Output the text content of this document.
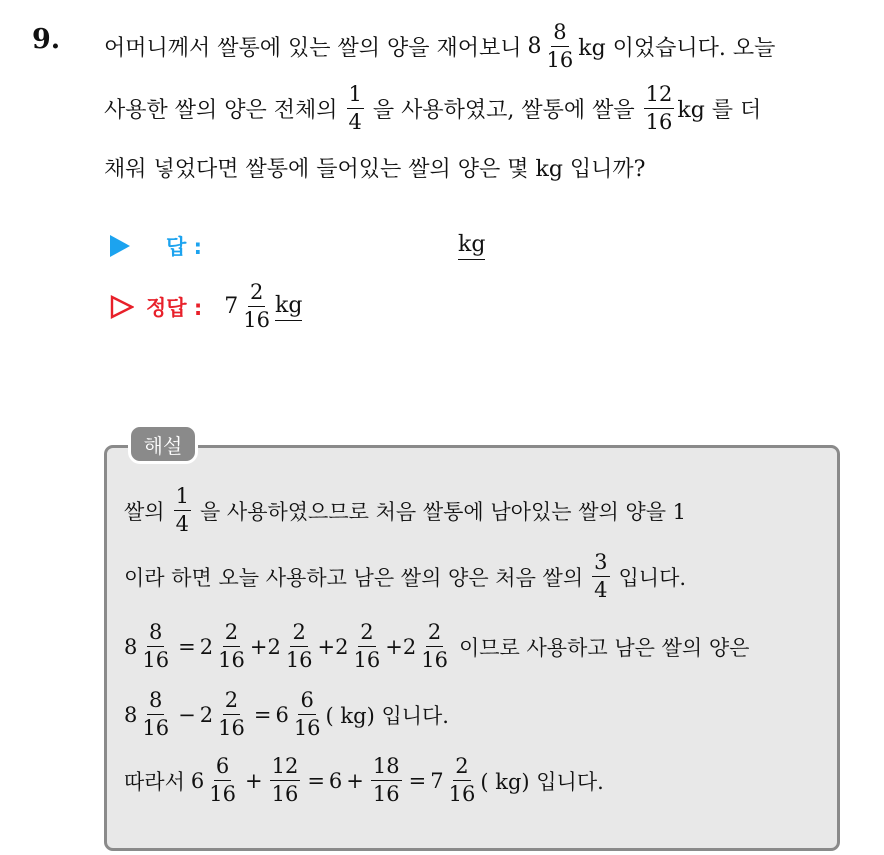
9. 어머니께서 쌀통에 있는 쌀의 양을 재어보니 $8 \frac{8}{16}$ kg 이었습니다. 오늘
사용한 쌀의 양은 전체의 $\frac{1}{4}$ 을 사용하였고, 쌀통에 쌀을 $\frac{12}{16}$ kg 를 더
채워 넣었다면 쌀통에 들어있는 쌀의 양은 몇 kg 입니까?
답 :	kg
정답 : $7 \frac{2}{16}$ kg
해설
쌀의 $\frac{1}{4}$ 을 사용하였으므로 처음 쌀통에 남아있는 쌀의 양을 1
이라 하면 오늘 사용하고 남은 쌀의 양은 처음 쌀의 $\frac{3}{4}$ 입니다.
$8 \frac{8}{16} = 2 \frac{2}{16} + 2 \frac{2}{16} + 2 \frac{2}{16} + 2 \frac{2}{16}$ 이므로 사용하고 남은 쌀의 양은
$8 \frac{8}{16} - 2 \frac{2}{16} = 6 \frac{6}{16}$ ( kg) 입니다.
따라서 $6 \frac{6}{16} + \frac{12}{16} = 6 + \frac{18}{16} = 7 \frac{2}{16}$ ( kg) 입니다.
